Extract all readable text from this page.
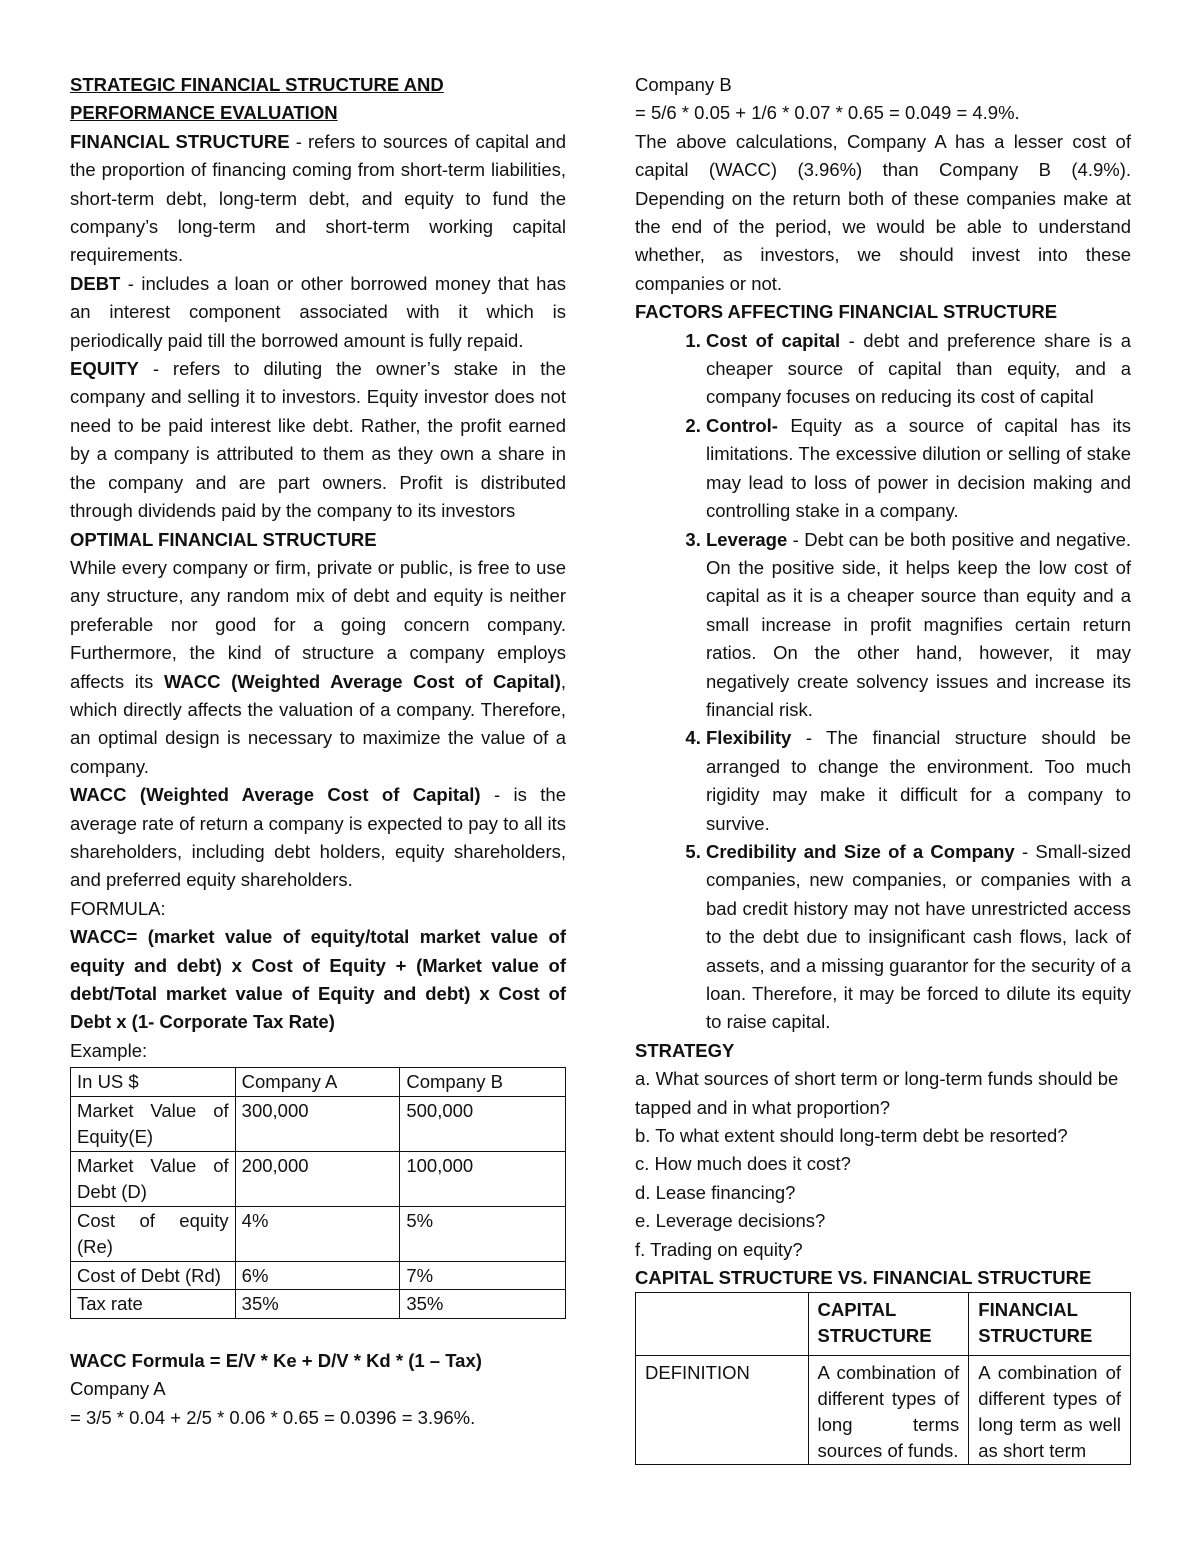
STRATEGIC FINANCIAL STRUCTURE AND

PERFORMANCE EVALUATION

FINANCIAL STRUCTURE - refers to sources of capital and the proportion of financing coming from short-term liabilities, short-term debt, long-term debt, and equity to fund the company’s long-term and short-term working capital requirements.

DEBT - includes a loan or other borrowed money that has an interest component associated with it which is periodically paid till the borrowed amount is fully repaid.

EQUITY - refers to diluting the owner’s stake in the company and selling it to investors. Equity investor does not need to be paid interest like debt. Rather, the profit earned by a company is attributed to them as they own a share in the company and are part owners. Profit is distributed through dividends paid by the company to its investors

OPTIMAL FINANCIAL STRUCTURE

While every company or firm, private or public, is free to use any structure, any random mix of debt and equity is neither preferable nor good for a going concern company. Furthermore, the kind of structure a company employs affects its WACC (Weighted Average Cost of Capital), which directly affects the valuation of a company. Therefore, an optimal design is necessary to maximize the value of a company.

WACC (Weighted Average Cost of Capital) - is the average rate of return a company is expected to pay to all its shareholders, including debt holders, equity shareholders, and preferred equity shareholders.

FORMULA:

WACC= (market value of equity/total market value of equity and debt) x Cost of Equity + (Market value of debt/Total market value of Equity and debt) x Cost of Debt x (1- Corporate Tax Rate)

Example:

In US $	Company A	Company B
Market Value of Equity(E)	300,000	500,000
Market Value of Debt (D)	200,000	100,000
Cost of equity (Re)	4%	5%
Cost of Debt (Rd)	6%	7%
Tax rate	35%	35%

WACC Formula = E/V * Ke + D/V * Kd * (1 – Tax)

Company A

= 3/5 * 0.04 + 2/5 * 0.06 * 0.65 = 0.0396 = 3.96%.

Company B

= 5/6 * 0.05 + 1/6 * 0.07 * 0.65 = 0.049 = 4.9%.

The above calculations, Company A has a lesser cost of capital (WACC) (3.96%) than Company B (4.9%). Depending on the return both of these companies make at the end of the period, we would be able to understand whether, as investors, we should invest into these companies or not.

FACTORS AFFECTING FINANCIAL STRUCTURE

1. Cost of capital - debt and preference share is a cheaper source of capital than equity, and a company focuses on reducing its cost of capital
2. Control- Equity as a source of capital has its limitations. The excessive dilution or selling of stake may lead to loss of power in decision making and controlling stake in a company.
3. Leverage - Debt can be both positive and negative. On the positive side, it helps keep the low cost of capital as it is a cheaper source than equity and a small increase in profit magnifies certain return ratios. On the other hand, however, it may negatively create solvency issues and increase its financial risk.
4. Flexibility - The financial structure should be arranged to change the environment. Too much rigidity may make it difficult for a company to survive.
5. Credibility and Size of a Company - Small-sized companies, new companies, or companies with a bad credit history may not have unrestricted access to the debt due to insignificant cash flows, lack of assets, and a missing guarantor for the security of a loan. Therefore, it may be forced to dilute its equity to raise capital.

STRATEGY

a. What sources of short term or long-term funds should be tapped and in what proportion?

b. To what extent should long-term debt be resorted?

c. How much does it cost?

d. Lease financing?

e. Leverage decisions?

f. Trading on equity?

CAPITAL STRUCTURE VS. FINANCIAL STRUCTURE

	CAPITAL STRUCTURE	FINANCIAL STRUCTURE
DEFINITION	A combination of different types of long terms sources of funds.	A combination of different types of long term as well as short term
